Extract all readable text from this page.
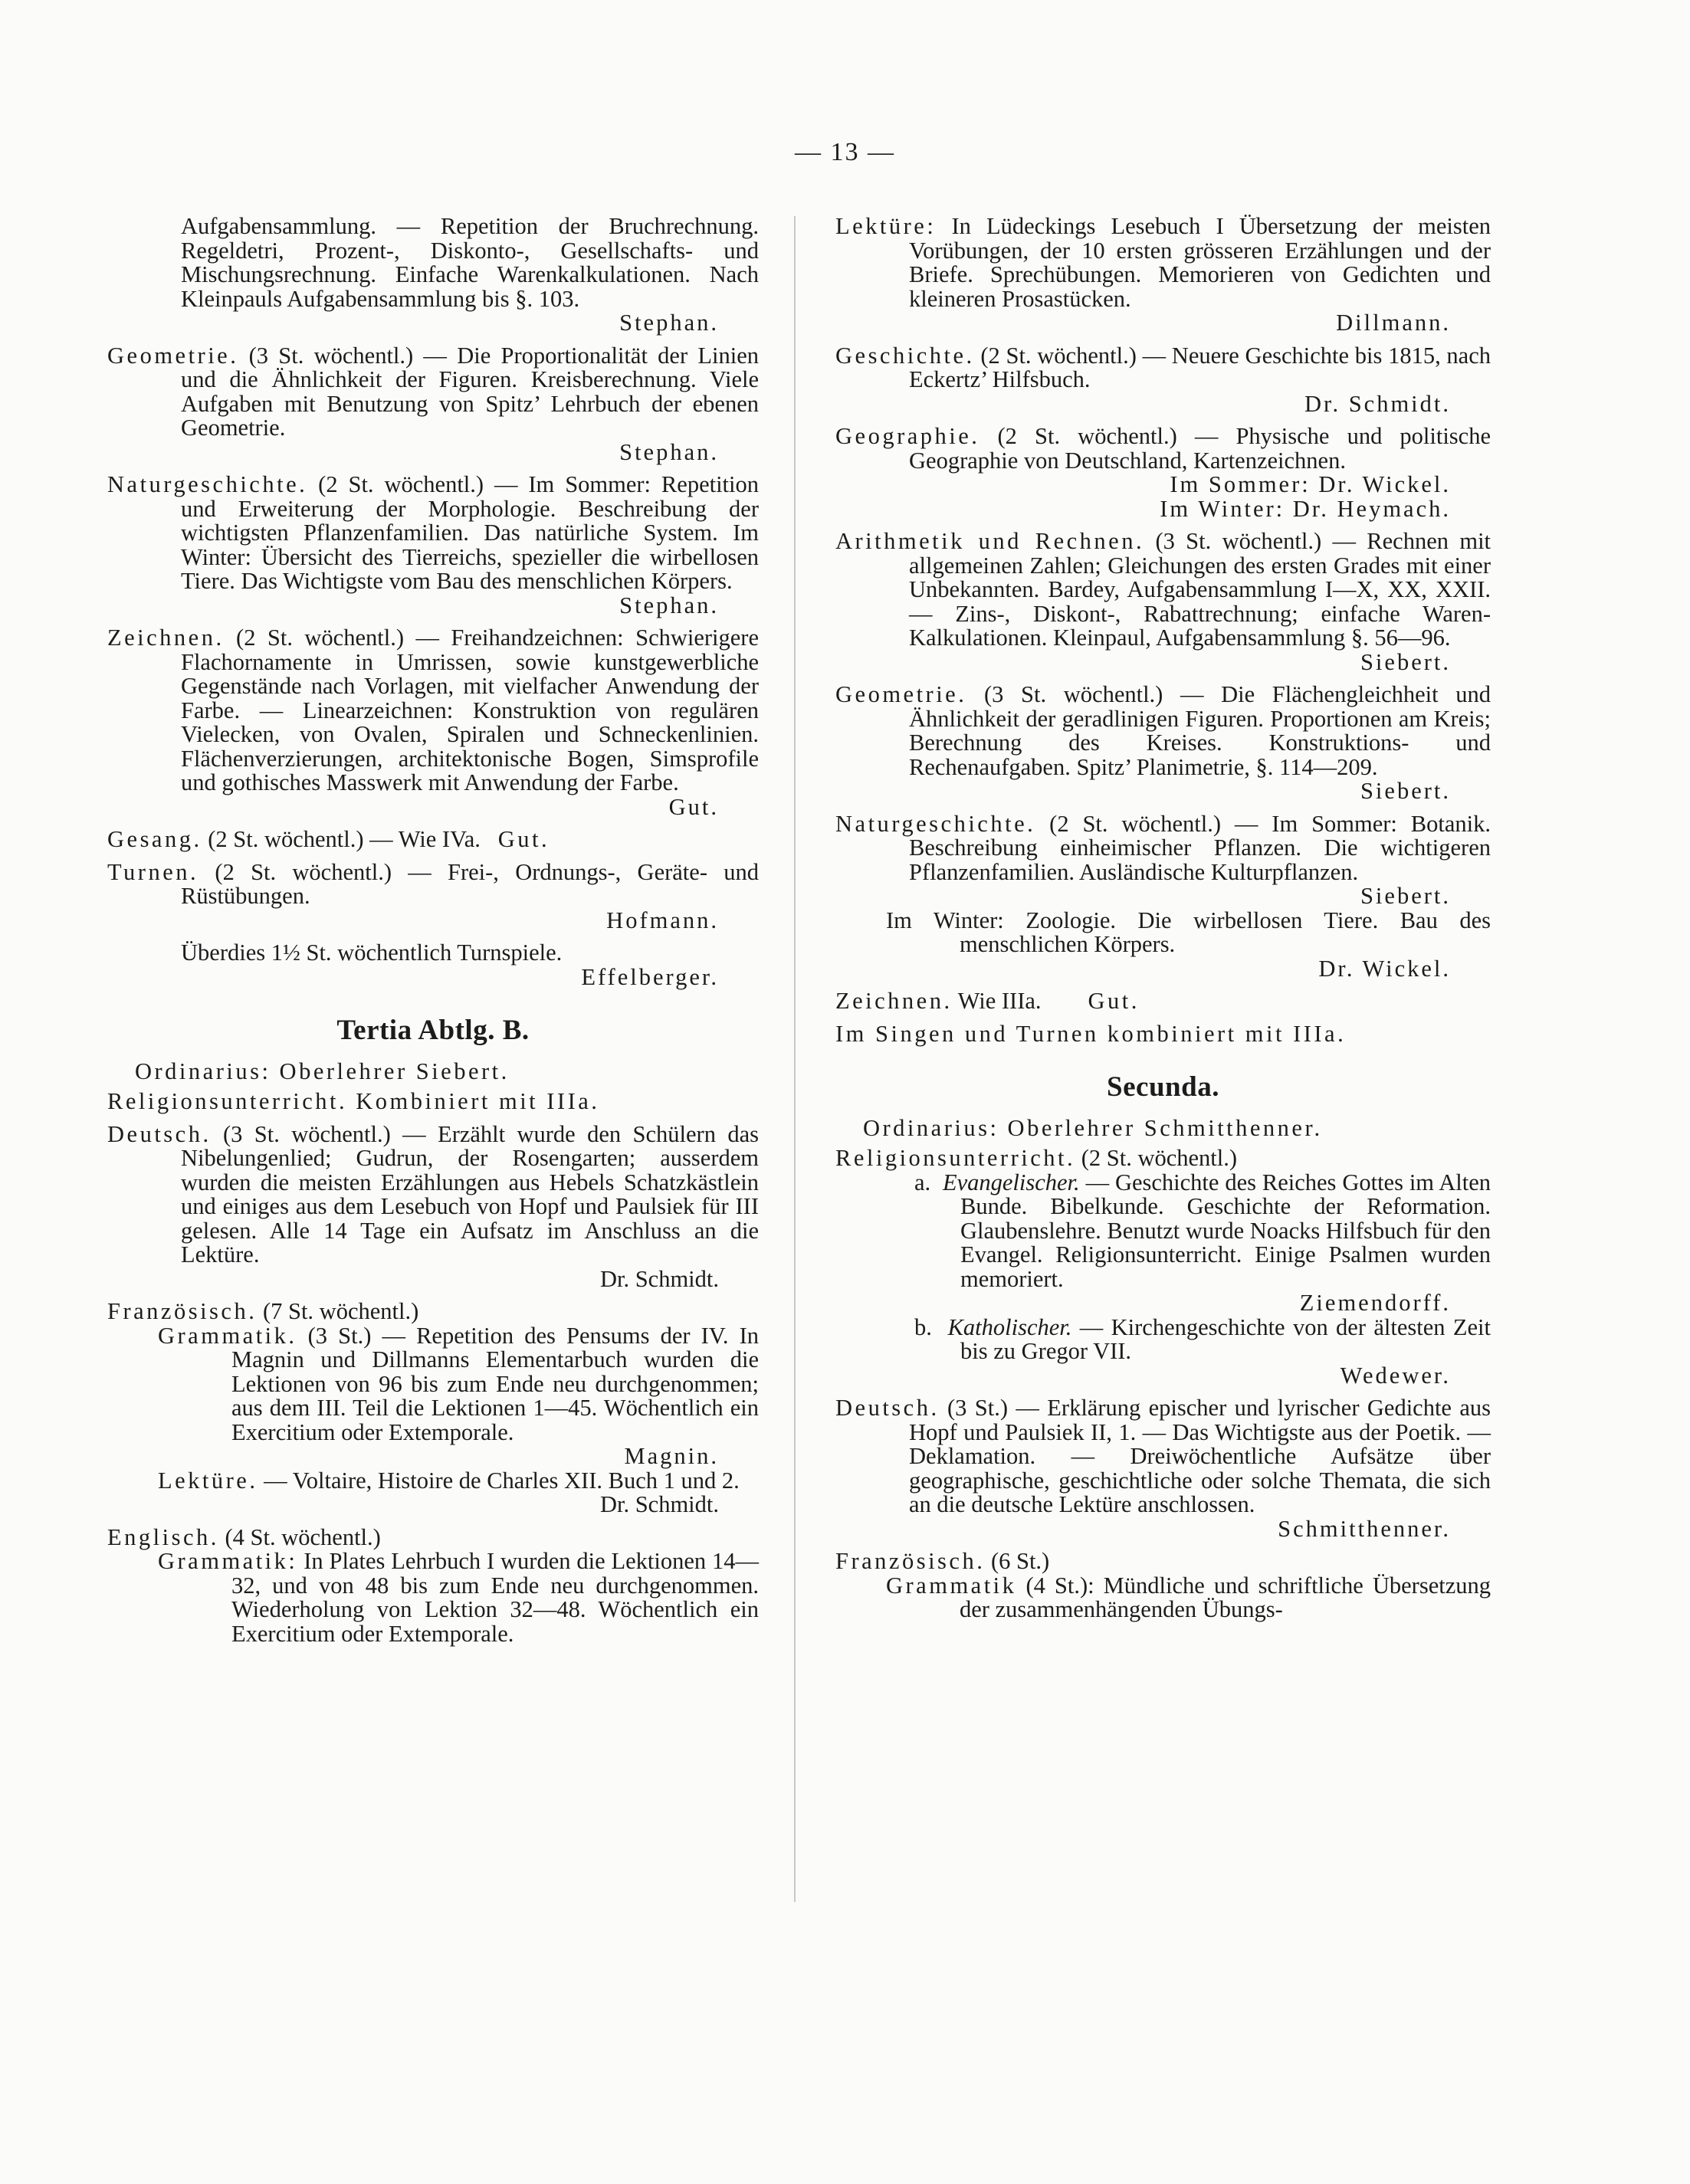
— 13 —

Aufgabensammlung. — Repetition der Bruchrechnung. Regeldetri, Prozent-, Diskonto-, Gesellschafts- und Mischungsrechnung. Einfache Warenkalkulationen. Nach Kleinpauls Aufgabensammlung bis §. 103.

Stephan.

Geometrie. (3 St. wöchentl.) — Die Proportionalität der Linien und die Ähnlichkeit der Figuren. Kreisberechnung. Viele Aufgaben mit Benutzung von Spitz’ Lehrbuch der ebenen Geometrie.

Stephan.

Naturgeschichte. (2 St. wöchentl.) — Im Sommer: Repetition und Erweiterung der Morphologie. Beschreibung der wichtigsten Pflanzenfamilien. Das natürliche System. Im Winter: Übersicht des Tierreichs, spezieller die wirbellosen Tiere. Das Wichtigste vom Bau des menschlichen Körpers.

Stephan.

Zeichnen. (2 St. wöchentl.) — Freihandzeichnen: Schwierigere Flachornamente in Umrissen, sowie kunstgewerbliche Gegenstände nach Vorlagen, mit vielfacher Anwendung der Farbe. — Linearzeichnen: Konstruktion von regulären Vielecken, von Ovalen, Spiralen und Schneckenlinien. Flächenverzierungen, architektonische Bogen, Simsprofile und gothisches Masswerk mit Anwendung der Farbe.

Gut.

Gesang. (2 St. wöchentl.) — Wie IVa. Gut.

Turnen. (2 St. wöchentl.) — Frei-, Ordnungs-, Geräte- und Rüstübungen.

Hofmann.

Überdies 1½ St. wöchentlich Turnspiele.

Effelberger.
Tertia Abtlg. B.

Ordinarius: Oberlehrer Siebert.

Religionsunterricht. Kombiniert mit IIIa.

Deutsch. (3 St. wöchentl.) — Erzählt wurde den Schülern das Nibelungenlied; Gudrun, der Rosengarten; ausserdem wurden die meisten Erzählungen aus Hebels Schatzkästlein und einiges aus dem Lesebuch von Hopf und Paulsiek für III gelesen. Alle 14 Tage ein Aufsatz im Anschluss an die Lektüre.

Dr. Schmidt.

Französisch. (7 St. wöchentl.)

Grammatik. (3 St.) — Repetition des Pensums der IV. In Magnin und Dillmanns Elementarbuch wurden die Lektionen von 96 bis zum Ende neu durchgenommen; aus dem III. Teil die Lektionen 1—45. Wöchentlich ein Exercitium oder Extemporale.

Magnin.

Lektüre. — Voltaire, Histoire de Charles XII. Buch 1 und 2.

Dr. Schmidt.

Englisch. (4 St. wöchentl.)

Grammatik: In Plates Lehrbuch I wurden die Lektionen 14—32, und von 48 bis zum Ende neu durchgenommen. Wiederholung von Lektion 32—48. Wöchentlich ein Exercitium oder Extemporale.

Lektüre: In Lüdeckings Lesebuch I Übersetzung der meisten Vorübungen, der 10 ersten grösseren Erzählungen und der Briefe. Sprechübungen. Memorieren von Gedichten und kleineren Prosastücken.

Dillmann.

Geschichte. (2 St. wöchentl.) — Neuere Geschichte bis 1815, nach Eckertz’ Hilfsbuch.

Dr. Schmidt.

Geographie. (2 St. wöchentl.) — Physische und politische Geographie von Deutschland, Kartenzeichnen.

Im Sommer: Dr. Wickel.
Im Winter: Dr. Heymach.

Arithmetik und Rechnen. (3 St. wöchentl.) — Rechnen mit allgemeinen Zahlen; Gleichungen des ersten Grades mit einer Unbekannten. Bardey, Aufgabensammlung I—X, XX, XXII. — Zins-, Diskont-, Rabattrechnung; einfache Waren-Kalkulationen. Kleinpaul, Aufgabensammlung §. 56—96.

Siebert.

Geometrie. (3 St. wöchentl.) — Die Flächengleichheit und Ähnlichkeit der geradlinigen Figuren. Proportionen am Kreis; Berechnung des Kreises. Konstruktions- und Rechenaufgaben. Spitz’ Planimetrie, §. 114—209.

Siebert.

Naturgeschichte. (2 St. wöchentl.) — Im Sommer: Botanik. Beschreibung einheimischer Pflanzen. Die wichtigeren Pflanzenfamilien. Ausländische Kulturpflanzen.

Siebert.

Im Winter: Zoologie. Die wirbellosen Tiere. Bau des menschlichen Körpers.

Dr. Wickel.

Zeichnen. Wie IIIa. Gut.

Im Singen und Turnen kombiniert mit IIIa.

Secunda.

Ordinarius: Oberlehrer Schmitthenner.

Religionsunterricht. (2 St. wöchentl.)

a. Evangelischer. — Geschichte des Reiches Gottes im Alten Bunde. Bibelkunde. Geschichte der Reformation. Glaubenslehre. Benutzt wurde Noacks Hilfsbuch für den Evangel. Religionsunterricht. Einige Psalmen wurden memoriert.

Ziemendorff.

b. Katholischer. — Kirchengeschichte von der ältesten Zeit bis zu Gregor VII.

Wedewer.

Deutsch. (3 St.) — Erklärung epischer und lyrischer Gedichte aus Hopf und Paulsiek II, 1. — Das Wichtigste aus der Poetik. — Deklamation. — Dreiwöchentliche Aufsätze über geographische, geschichtliche oder solche Themata, die sich an die deutsche Lektüre anschlossen.

Schmitthenner.

Französisch. (6 St.)

Grammatik (4 St.): Mündliche und schriftliche Übersetzung der zusammenhängenden Übungs-
